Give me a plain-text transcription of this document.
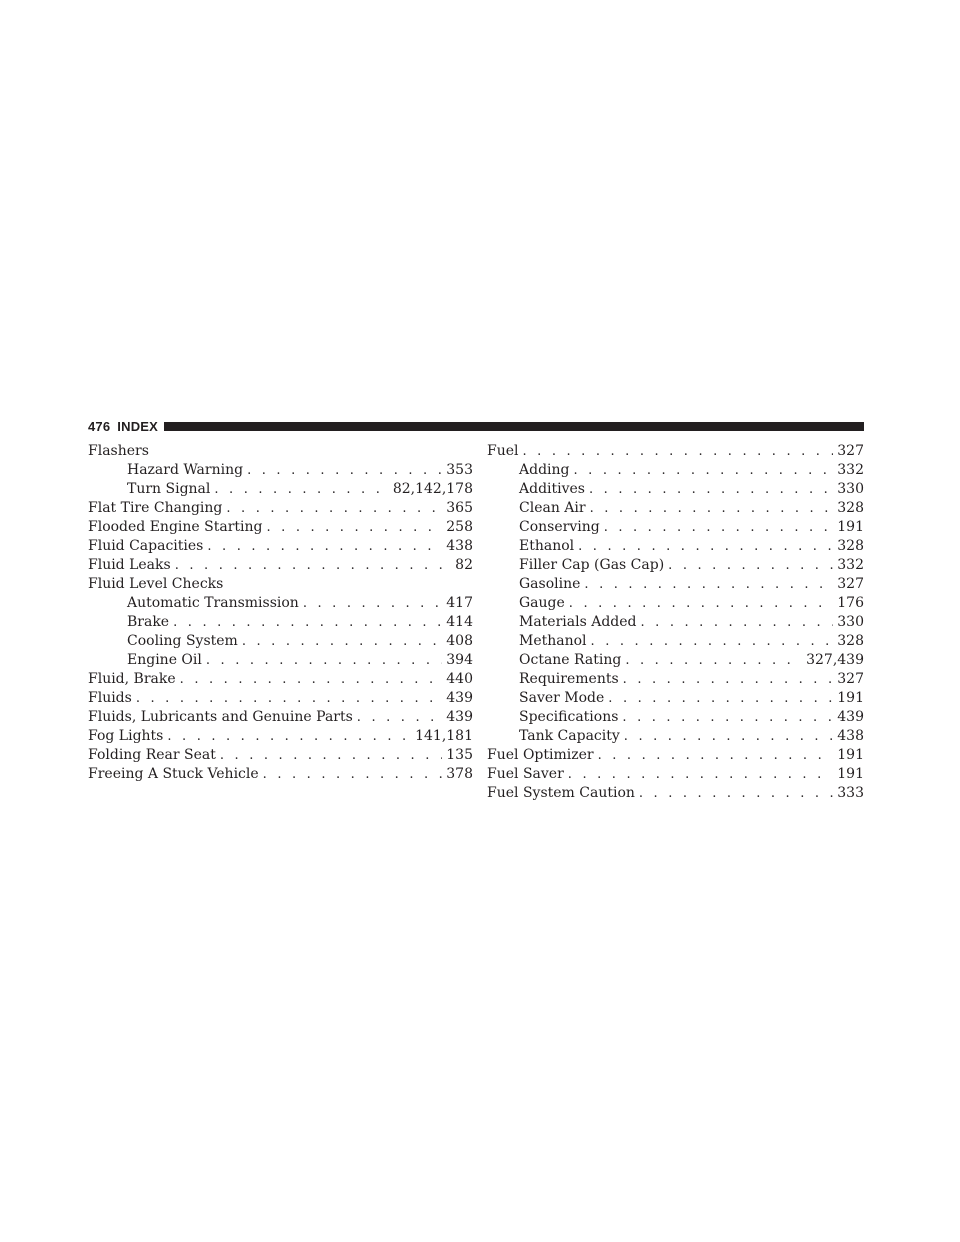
476 INDEX
Flashers
Hazard Warning . . .	353
Turn Signal . . .	82,142,178
Flat Tire Changing . . .	365
Flooded Engine Starting . . .	258
Fluid Capacities . . .	438
Fluid Leaks . . .	82
Fluid Level Checks
Automatic Transmission . . .	417
Brake . . .	414
Cooling System . . .	408
Engine Oil . . .	394
Fluid, Brake . . .	440
Fluids . . .	439
Fluids, Lubricants and Genuine Parts . . .	439
Fog Lights . . .	141,181
Folding Rear Seat . . .	135
Freeing A Stuck Vehicle . . .	378
Fuel . . .	327
Adding . . .	332
Additives . . .	330
Clean Air . . .	328
Conserving . . .	191
Ethanol . . .	328
Filler Cap (Gas Cap) . . .	332
Gasoline . . .	327
Gauge . . .	176
Materials Added . . .	330
Methanol . . .	328
Octane Rating . . .	327,439
Requirements . . .	327
Saver Mode . . .	191
Specifications . . .	439
Tank Capacity . . .	438
Fuel Optimizer . . .	191
Fuel Saver . . .	191
Fuel System Caution . . .	333
